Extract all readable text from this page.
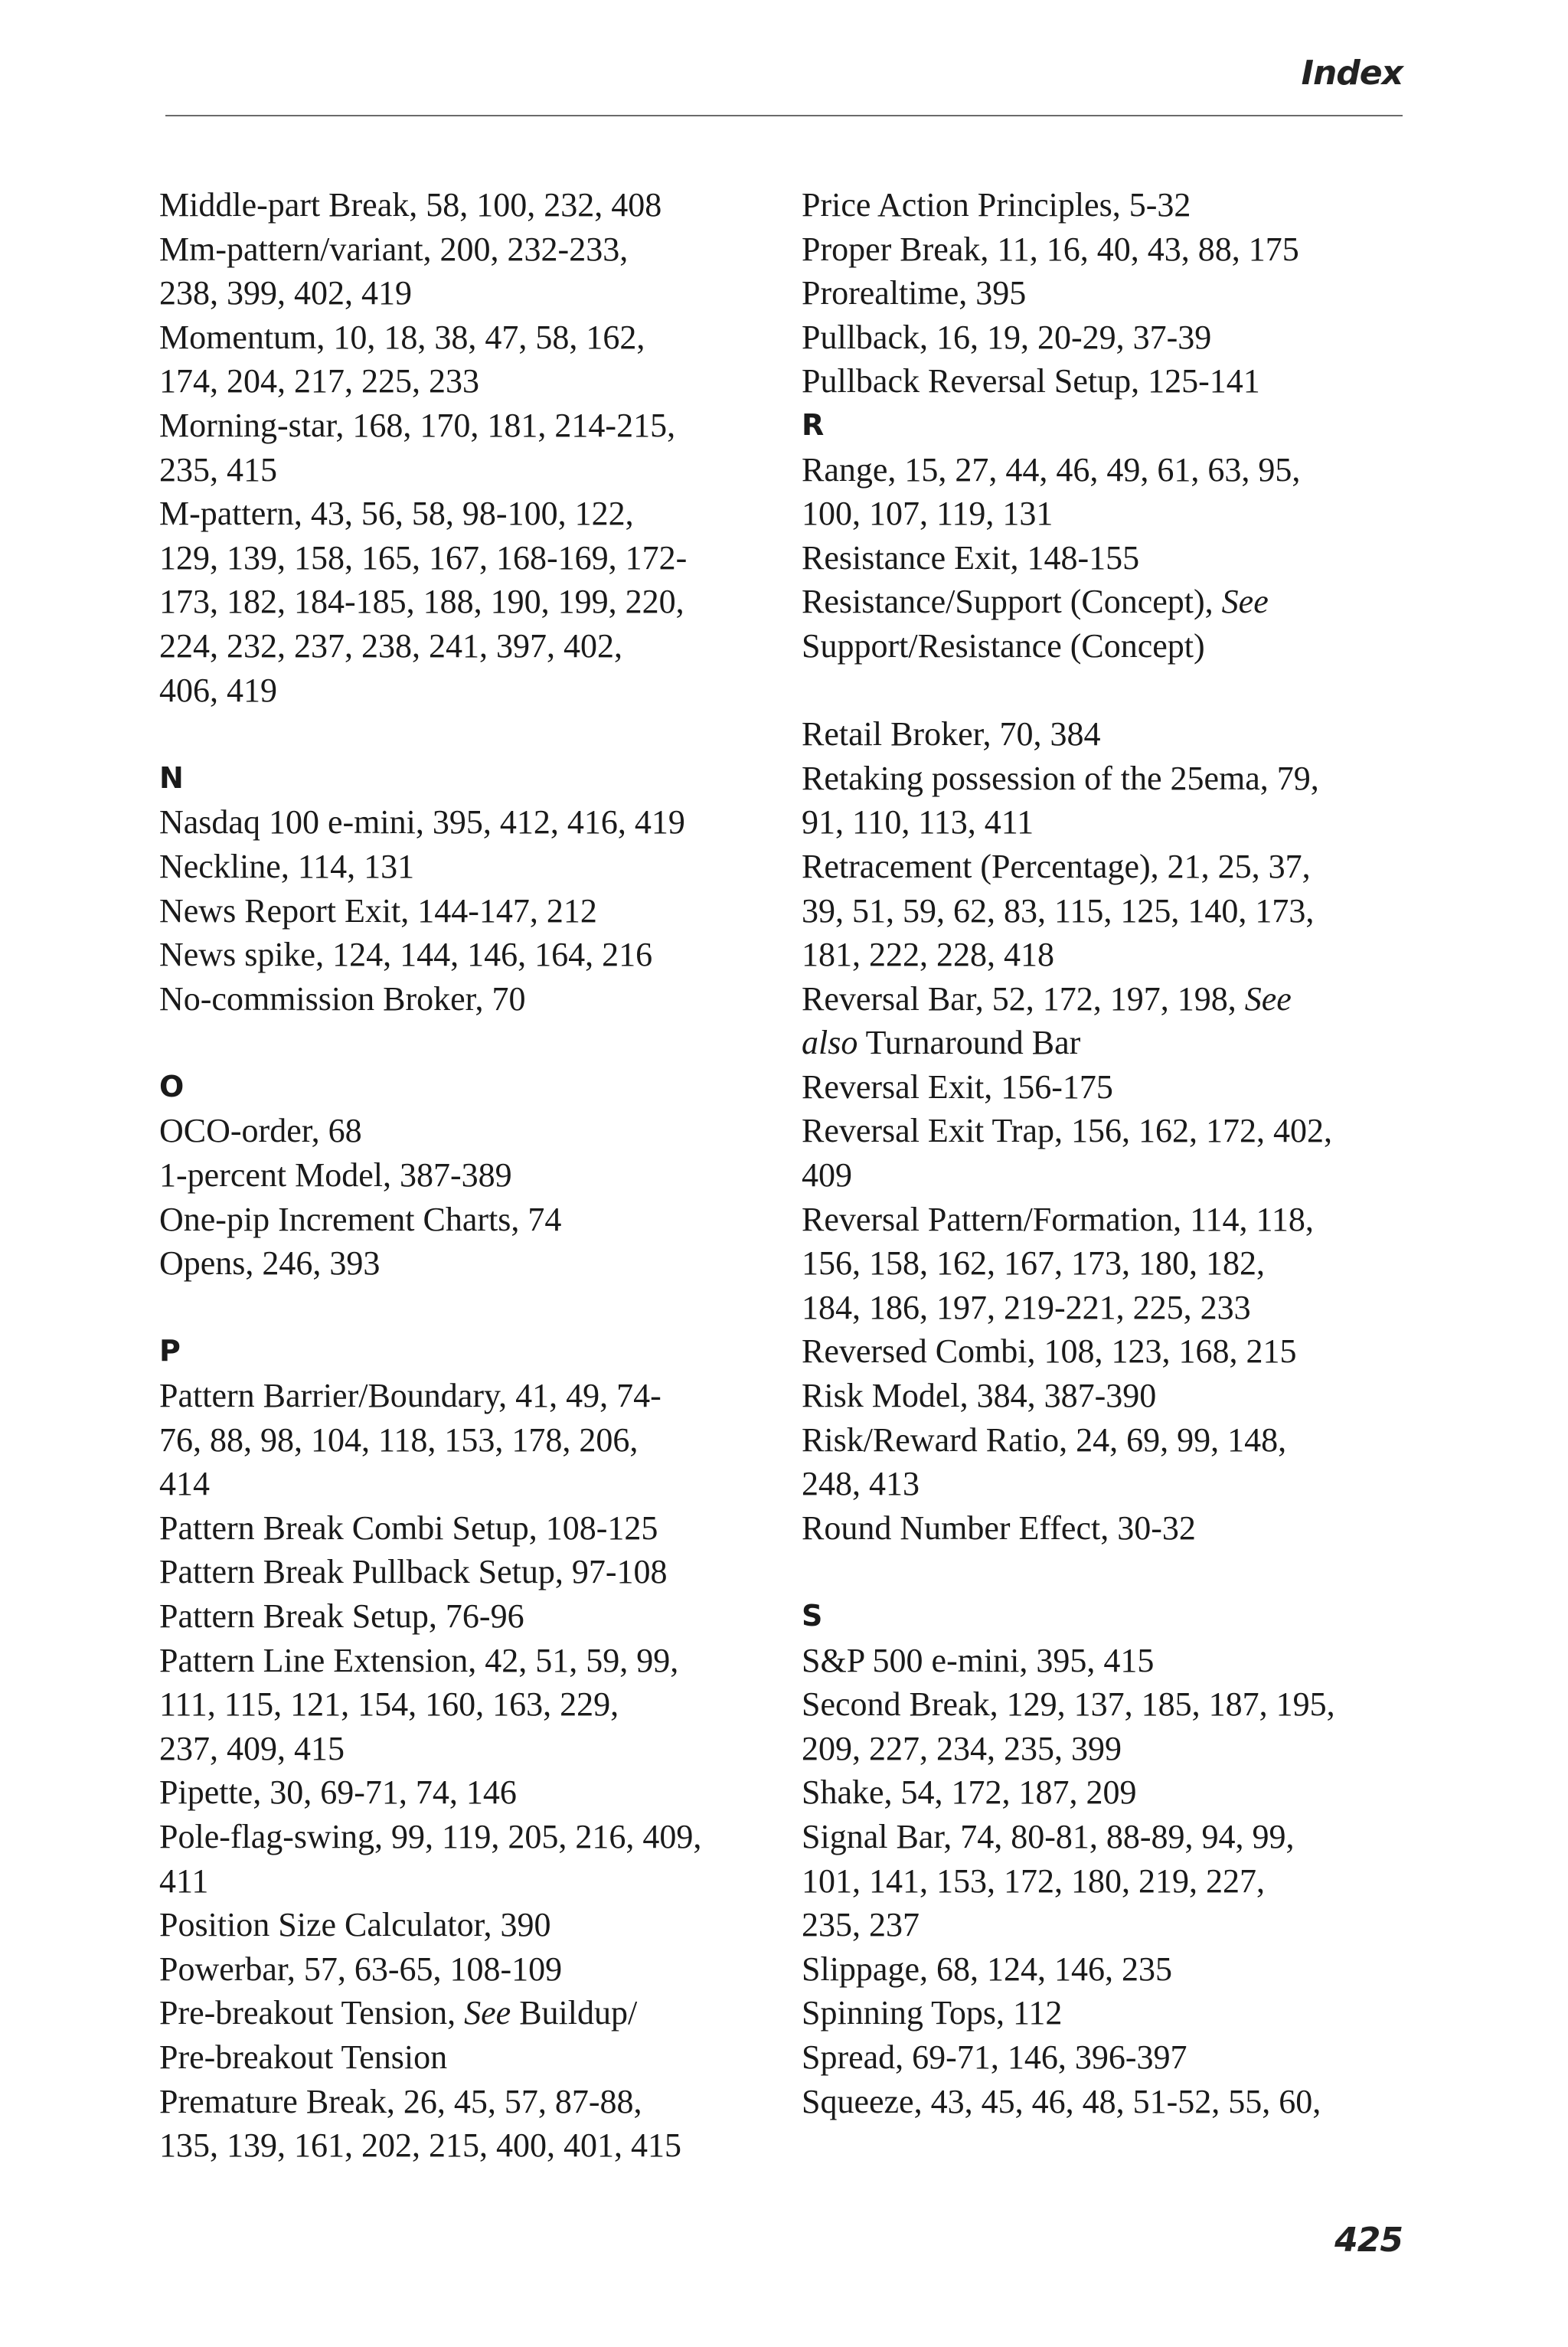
Index
Middle-part Break, 58, 100, 232, 408
Mm-pattern/variant, 200, 232-233,
238, 399, 402, 419
Momentum, 10, 18, 38, 47, 58, 162,
174, 204, 217, 225, 233
Morning-star, 168, 170, 181, 214-215,
235, 415
M-pattern, 43, 56, 58, 98-100, 122,
129, 139, 158, 165, 167, 168-169, 172-
173, 182, 184-185, 188, 190, 199, 220,
224, 232, 237, 238, 241, 397, 402,
406, 419
N
Nasdaq 100 e-mini, 395, 412, 416, 419
Neckline, 114, 131
News Report Exit, 144-147, 212
News spike, 124, 144, 146, 164, 216
No-commission Broker, 70
O
OCO-order, 68
1-percent Model, 387-389
One-pip Increment Charts, 74
Opens, 246, 393
P
Pattern Barrier/Boundary, 41, 49, 74-
76, 88, 98, 104, 118, 153, 178, 206,
414
Pattern Break Combi Setup, 108-125
Pattern Break Pullback Setup, 97-108
Pattern Break Setup, 76-96
Pattern Line Extension, 42, 51, 59, 99,
111, 115, 121, 154, 160, 163, 229,
237, 409, 415
Pipette, 30, 69-71, 74, 146
Pole-flag-swing, 99, 119, 205, 216, 409,
411
Position Size Calculator, 390
Powerbar, 57, 63-65, 108-109
Pre-breakout Tension, See Buildup/
Pre-breakout Tension
Premature Break, 26, 45, 57, 87-88,
135, 139, 161, 202, 215, 400, 401, 415
Price Action Principles, 5-32
Proper Break, 11, 16, 40, 43, 88, 175
Prorealtime, 395
Pullback, 16, 19, 20-29, 37-39
Pullback Reversal Setup, 125-141
R
Range, 15, 27, 44, 46, 49, 61, 63, 95,
100, 107, 119, 131
Resistance Exit, 148-155
Resistance/Support (Concept), See
Support/Resistance (Concept)
Retail Broker, 70, 384
Retaking possession of the 25ema, 79,
91, 110, 113, 411
Retracement (Percentage), 21, 25, 37,
39, 51, 59, 62, 83, 115, 125, 140, 173,
181, 222, 228, 418
Reversal Bar, 52, 172, 197, 198, See
also Turnaround Bar
Reversal Exit, 156-175
Reversal Exit Trap, 156, 162, 172, 402,
409
Reversal Pattern/Formation, 114, 118,
156, 158, 162, 167, 173, 180, 182,
184, 186, 197, 219-221, 225, 233
Reversed Combi, 108, 123, 168, 215
Risk Model, 384, 387-390
Risk/Reward Ratio, 24, 69, 99, 148,
248, 413
Round Number Effect, 30-32
S
S&P 500 e-mini, 395, 415
Second Break, 129, 137, 185, 187, 195,
209, 227, 234, 235, 399
Shake, 54, 172, 187, 209
Signal Bar, 74, 80-81, 88-89, 94, 99,
101, 141, 153, 172, 180, 219, 227,
235, 237
Slippage, 68, 124, 146, 235
Spinning Tops, 112
Spread, 69-71, 146, 396-397
Squeeze, 43, 45, 46, 48, 51-52, 55, 60,
425
